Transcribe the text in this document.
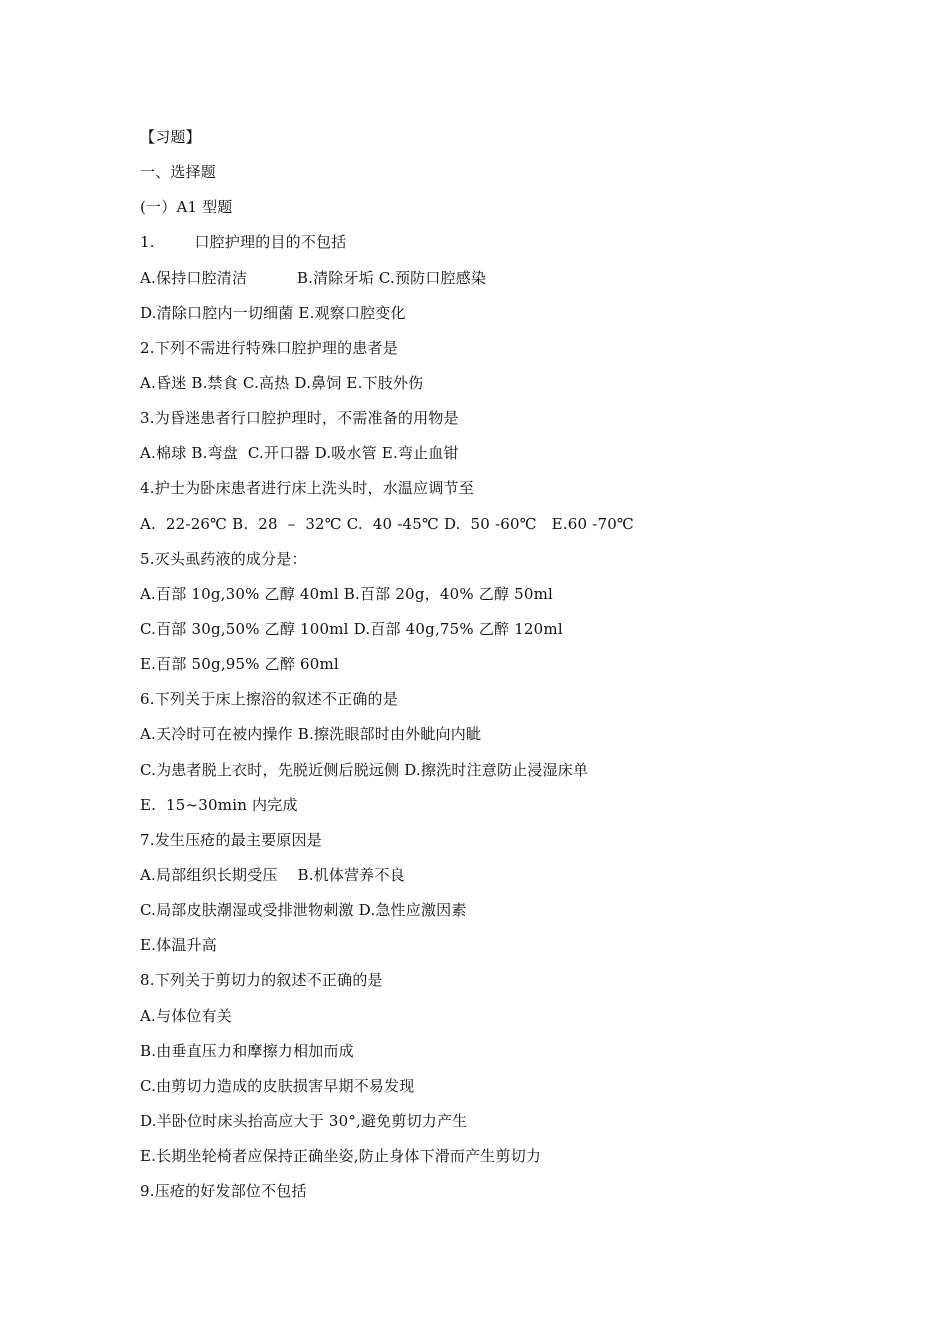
【习题】
一、选择题
(一）A1 型题
1.        口腔护理的目的不包括
A.保持口腔清洁          B.清除牙垢 C.预防口腔感染
D.清除口腔内一切细菌 E.观察口腔变化
2.下列不需进行特殊口腔护理的患者是
A.昏迷 B.禁食 C.高热 D.鼻饲 E.下肢外伤
3.为昏迷患者行口腔护理时，不需准备的用物是
A.棉球 B.弯盘  C.开口器 D.吸水管 E.弯止血钳
4.护士为卧床患者进行床上洗头时，水温应调节至
A.  22-26℃ B.  28  –  32℃ C.  40 -45℃ D.  50 -60℃   E.60 -70℃
5.灭头虱药液的成分是：
A.百部 10g,30% 乙醇 40ml B.百部 20g，40% 乙醇 50ml
C.百部 30g,50% 乙醇 100ml D.百部 40g,75% 乙醉 120ml
E.百部 50g,95% 乙醉 60ml
6.下列关于床上擦浴的叙述不正确的是
A.天冷时可在被内操作 B.擦洗眼部时由外眦向内眦
C.为患者脱上衣时，先脱近侧后脱远侧 D.擦洗时注意防止浸湿床单
E.  15~30min 内完成
7.发生压疮的最主要原因是
A.局部组织长期受压    B.机体营养不良
C.局部皮肤潮湿或受排泄物刺激 D.急性应激因素
E.体温升高
8.下列关于剪切力的叙述不正确的是
A.与体位有关
B.由垂直压力和摩擦力相加而成
C.由剪切力造成的皮肤损害早期不易发现
D.半卧位时床头抬高应大于 30°,避免剪切力产生
E.长期坐轮椅者应保持正确坐姿,防止身体下滑而产生剪切力
9.压疮的好发部位不包括
